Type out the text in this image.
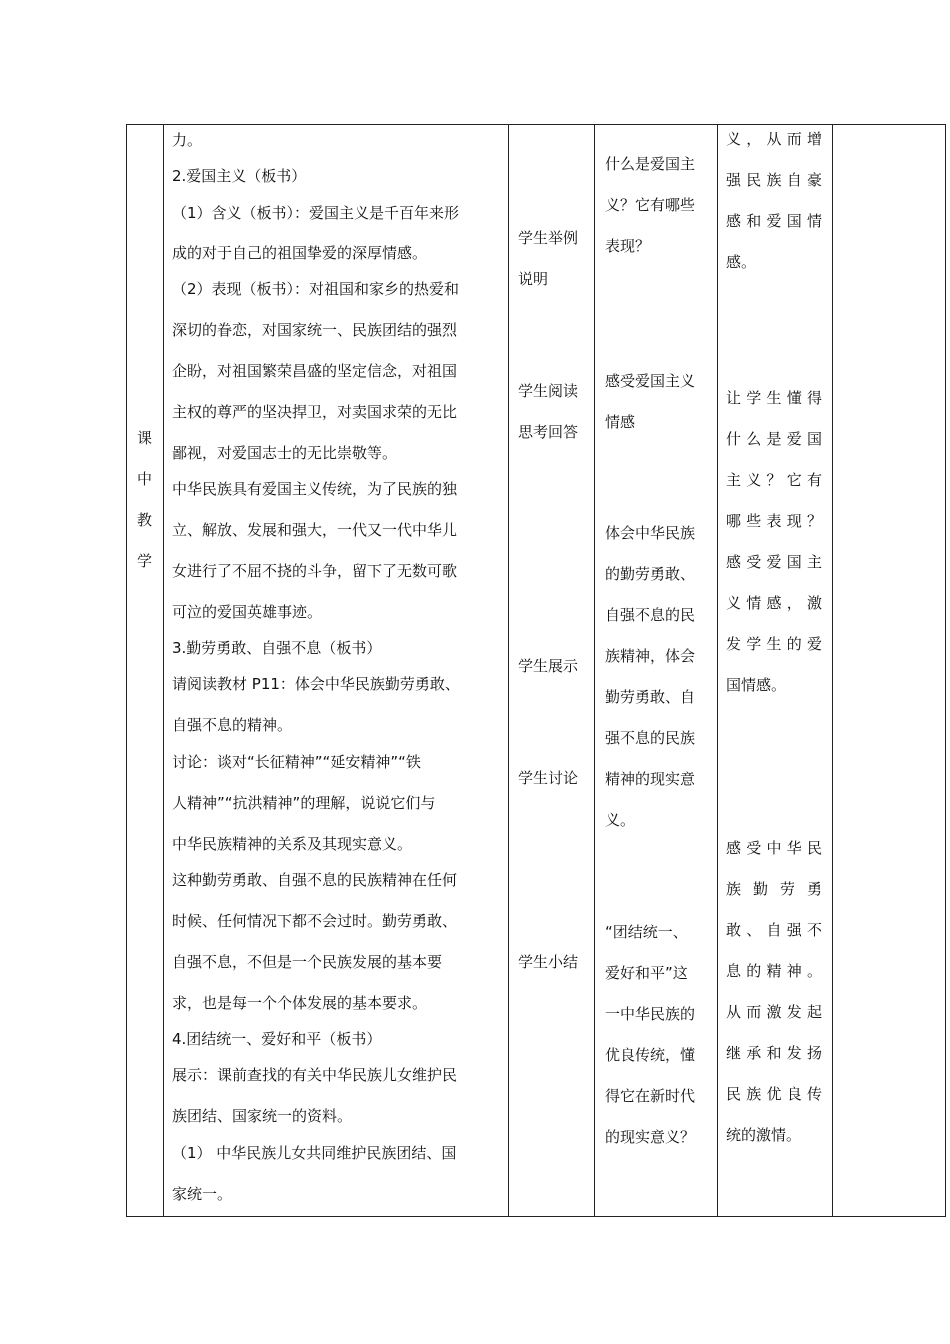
课
中
教
学
力。
2.爱国主义（板书）
（1）含义（板书）：爱国主义是千百年来形
成的对于自己的祖国挚爱的深厚情感。
（2）表现（板书）：对祖国和家乡的热爱和
深切的眷恋，对国家统一、民族团结的强烈
企盼，对祖国繁荣昌盛的坚定信念，对祖国
主权的尊严的坚决捍卫，对卖国求荣的无比
鄙视，对爱国志士的无比崇敬等。
中华民族具有爱国主义传统，为了民族的独
立、解放、发展和强大，一代又一代中华儿
女进行了不屈不挠的斗争，留下了无数可歌
可泣的爱国英雄事迹。
3.勤劳勇敢、自强不息（板书）
请阅读教材 P11：体会中华民族勤劳勇敢、
自强不息的精神。
讨论：谈对“长征精神”“延安精神”“铁
人精神”“抗洪精神”的理解，说说它们与
中华民族精神的关系及其现实意义。
这种勤劳勇敢、自强不息的民族精神在任何
时候、任何情况下都不会过时。勤劳勇敢、
自强不息，不但是一个民族发展的基本要
求，也是每一个个体发展的基本要求。
4.团结统一、爱好和平（板书）
展示：课前查找的有关中华民族儿女维护民
族团结、国家统一的资料。
（1） 中华民族儿女共同维护民族团结、国
家统一。
学生举例
说明
学生阅读
思考回答
学生展示
学生讨论
学生小结
什么是爱国主
义？它有哪些
表现？
感受爱国主义
情感
体会中华民族
的勤劳勇敢、
自强不息的民
族精神，体会
勤劳勇敢、自
强不息的民族
精神的现实意
义。
“团结统一、
爱好和平”这
一中华民族的
优良传统，懂
得它在新时代
的现实意义？
义 ， 从 而 增
强 民 族 自 豪
感 和 爱 国 情
感。
让 学 生 懂 得
什 么 是 爱 国
主 义 ？ 它 有
哪 些 表 现 ？
感 受 爱 国 主
义 情 感 ， 激
发 学 生 的 爱
国情感。
感 受 中 华 民
族 勤 劳 勇
敢 、 自 强 不
息 的 精 神 。
从 而 激 发 起
继 承 和 发 扬
民 族 优 良 传
统的激情。
